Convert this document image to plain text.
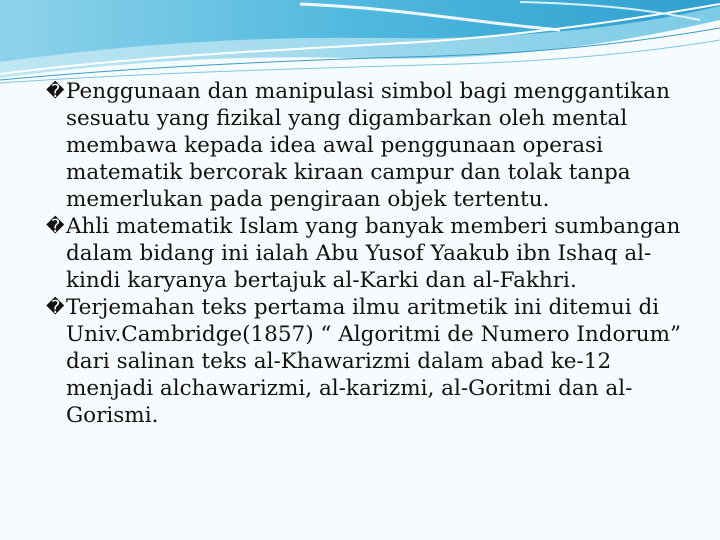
� Penggunaan dan manipulasi simbol bagi menggantikan sesuatu yang fizikal yang digambarkan oleh mental membawa kepada idea awal penggunaan operasi matematik bercorak kiraan campur dan tolak tanpa memerlukan pada pengiraan objek tertentu.

� Ahli matematik Islam yang banyak memberi sumbangan dalam bidang ini ialah Abu Yusof Yaakub ibn Ishaq al-kindi karyanya bertajuk al-Karki dan al-Fakhri.

� Terjemahan teks pertama ilmu aritmetik ini ditemui di Univ.Cambridge(1857) “ Algoritmi de Numero Indorum” dari salinan teks al-Khawarizmi dalam abad ke-12 menjadi alchawarizmi, al-karizmi, al-Goritmi dan al-Gorismi.
